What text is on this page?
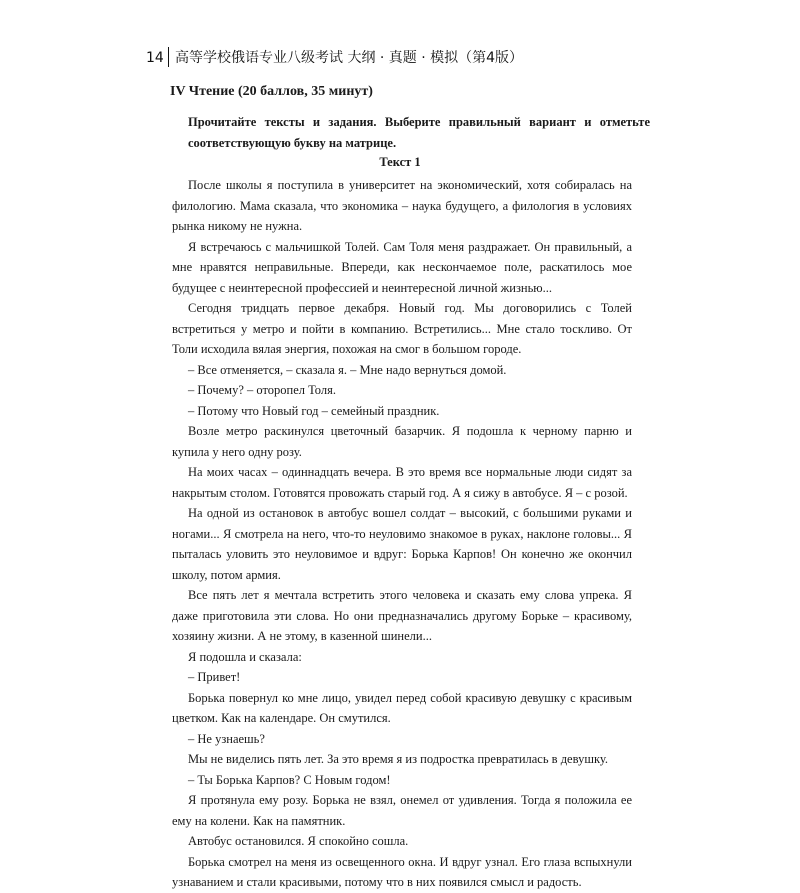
14 高等学校俄语专业八级考试 大纲 · 真题 · 模拟（第4版）
IV Чтение (20 баллов, 35 минут)

Прочитайте тексты и задания. Выберите правильный вариант и отметьте соответствующую букву на матрице.

Текст 1

После школы я поступила в университет на экономический, хотя собиралась на филологию. Мама сказала, что экономика – наука будущего, а филология в условиях рынка никому не нужна.

Я встречаюсь с мальчишкой Толей. Сам Толя меня раздражает. Он правильный, а мне нравятся неправильные. Впереди, как нескончаемое поле, раскатилось мое будущее с неинтересной профессией и неинтересной личной жизнью...

Сегодня тридцать первое декабря. Новый год. Мы договорились с Толей встретиться у метро и пойти в компанию. Встретились... Мне стало тоскливо. От Толи исходила вялая энергия, похожая на смог в большом городе.

– Все отменяется, – сказала я. – Мне надо вернуться домой.

– Почему? – оторопел Толя.

– Потому что Новый год – семейный праздник.

Возле метро раскинулся цветочный базарчик. Я подошла к черному парню и купила у него одну розу.

На моих часах – одиннадцать вечера. В это время все нормальные люди сидят за накрытым столом. Готовятся провожать старый год. А я сижу в автобусе. Я – с розой.

На одной из остановок в автобус вошел солдат – высокий, с большими руками и ногами... Я смотрела на него, что-то неуловимо знакомое в руках, наклоне головы... Я пыталась уловить это неуловимое и вдруг: Борька Карпов! Он конечно же окончил школу, потом армия.

Все пять лет я мечтала встретить этого человека и сказать ему слова упрека. Я даже приготовила эти слова. Но они предназначались другому Борьке – красивому, хозяину жизни. А не этому, в казенной шинели...

Я подошла и сказала:

– Привет!

Борька повернул ко мне лицо, увидел перед собой красивую девушку с красивым цветком. Как на календаре. Он смутился.

– Не узнаешь?

Мы не виделись пять лет. За это время я из подростка превратилась в девушку.

– Ты Борька Карпов? С Новым годом!

Я протянула ему розу. Борька не взял, онемел от удивления. Тогда я положила ее ему на колени. Как на памятник.

Автобус остановился. Я спокойно сошла.

Борька смотрел на меня из освещенного окна. И вдруг узнал. Его глаза вспыхнули узнаванием и стали красивыми, потому что в них появился смысл и радость.
